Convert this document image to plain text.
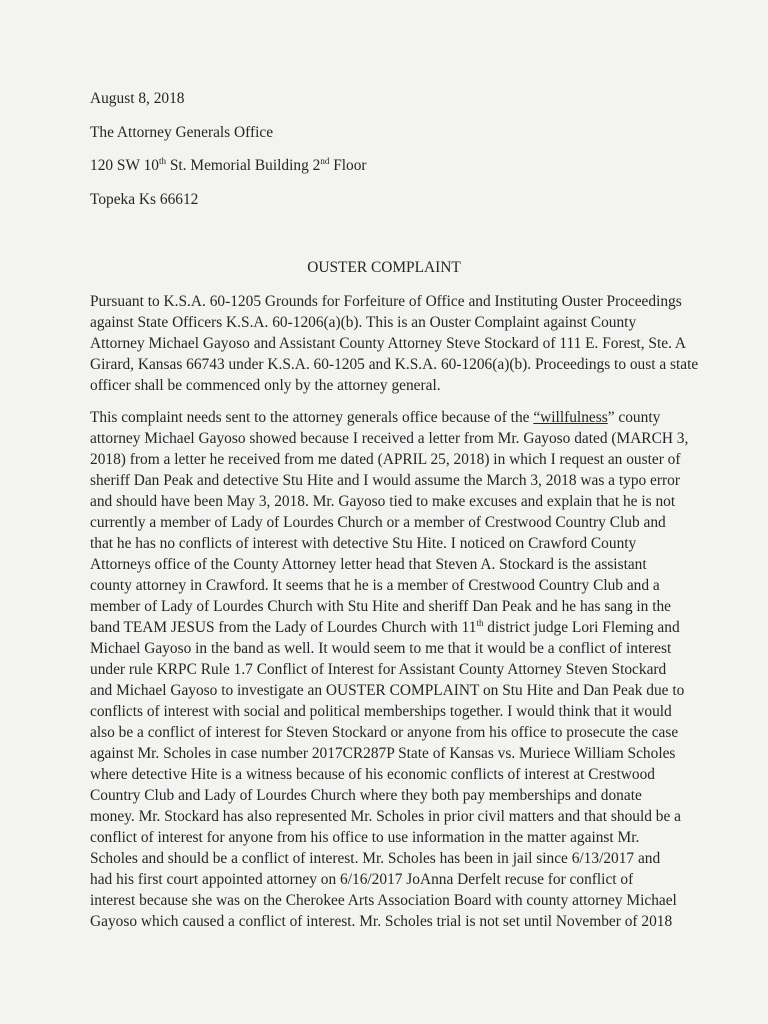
August 8, 2018

The Attorney Generals Office

120 SW 10th St. Memorial Building 2nd Floor

Topeka Ks 66612

OUSTER COMPLAINT

Pursuant to K.S.A. 60-1205 Grounds for Forfeiture of Office and Instituting Ouster Proceedings
against State Officers K.S.A. 60-1206(a)(b). This is an Ouster Complaint against County
Attorney Michael Gayoso and Assistant County Attorney Steve Stockard of 111 E. Forest, Ste. A
Girard, Kansas 66743 under K.S.A. 60-1205 and K.S.A. 60-1206(a)(b). Proceedings to oust a state
officer shall be commenced only by the attorney general.
This complaint needs sent to the attorney generals office because of the “willfulness” county
attorney Michael Gayoso showed because I received a letter from Mr. Gayoso dated (MARCH 3,
2018) from a letter he received from me dated (APRIL 25, 2018) in which I request an ouster of
sheriff Dan Peak and detective Stu Hite and I would assume the March 3, 2018 was a typo error
and should have been May 3, 2018. Mr. Gayoso tied to make excuses and explain that he is not
currently a member of Lady of Lourdes Church or a member of Crestwood Country Club and
that he has no conflicts of interest with detective Stu Hite. I noticed on Crawford County
Attorneys office of the County Attorney letter head that Steven A. Stockard is the assistant
county attorney in Crawford. It seems that he is a member of Crestwood Country Club and a
member of Lady of Lourdes Church with Stu Hite and sheriff Dan Peak and he has sang in the
band TEAM JESUS from the Lady of Lourdes Church with 11th district judge Lori Fleming and
Michael Gayoso in the band as well. It would seem to me that it would be a conflict of interest
under rule KRPC Rule 1.7 Conflict of Interest for Assistant County Attorney Steven Stockard
and Michael Gayoso to investigate an OUSTER COMPLAINT on Stu Hite and Dan Peak due to
conflicts of interest with social and political memberships together. I would think that it would
also be a conflict of interest for Steven Stockard or anyone from his office to prosecute the case
against Mr. Scholes in case number 2017CR287P State of Kansas vs. Muriece William Scholes
where detective Hite is a witness because of his economic conflicts of interest at Crestwood
Country Club and Lady of Lourdes Church where they both pay memberships and donate
money. Mr. Stockard has also represented Mr. Scholes in prior civil matters and that should be a
conflict of interest for anyone from his office to use information in the matter against Mr.
Scholes and should be a conflict of interest. Mr. Scholes has been in jail since 6/13/2017 and
had his first court appointed attorney on 6/16/2017 JoAnna Derfelt recuse for conflict of
interest because she was on the Cherokee Arts Association Board with county attorney Michael
Gayoso which caused a conflict of interest. Mr. Scholes trial is not set until November of 2018
